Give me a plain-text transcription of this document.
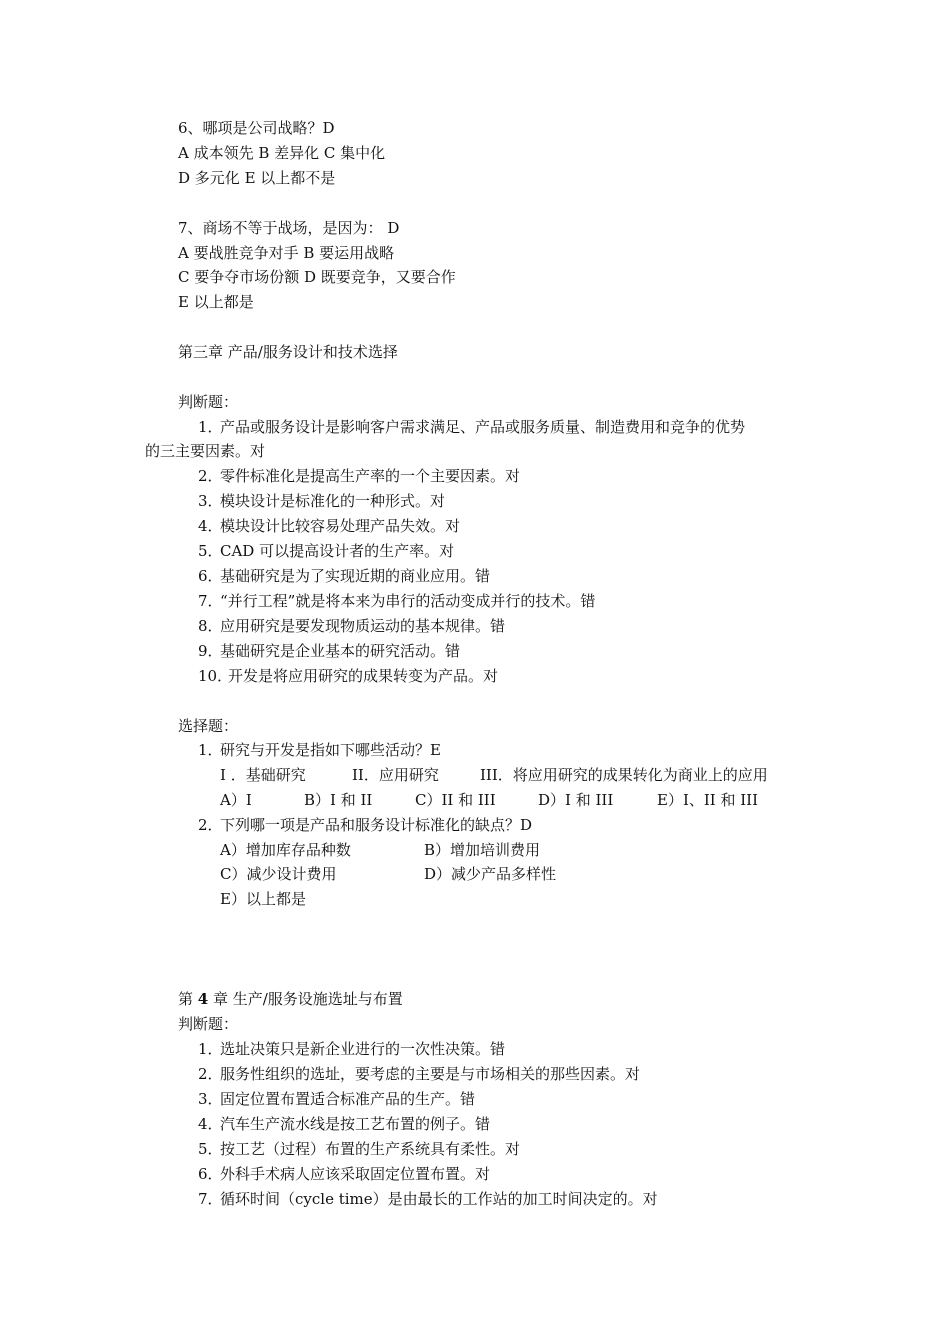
6、哪项是公司战略？D
A 成本领先 B 差异化 C 集中化
D 多元化 E 以上都不是
7、商场不等于战场，是因为： D
A 要战胜竞争对手 B 要运用战略
C 要争夺市场份额 D 既要竞争，又要合作
E 以上都是
第三章 产品/服务设计和技术选择
判断题：
1．产品或服务设计是影响客户需求满足、产品或服务质量、制造费用和竞争的优势
的三主要因素。对
2．零件标准化是提高生产率的一个主要因素。对
3．模块设计是标准化的一种形式。对
4．模块设计比较容易处理产品失效。对
5．CAD 可以提高设计者的生产率。对
6．基础研究是为了实现近期的商业应用。错
7．“并行工程”就是将本来为串行的活动变成并行的技术。错
8．应用研究是要发现物质运动的基本规律。错
9．基础研究是企业基本的研究活动。错
10．开发是将应用研究的成果转变为产品。对
选择题：
1．研究与开发是指如下哪些活动？E
I ．基础研究	II．应用研究	III．将应用研究的成果转化为商业上的应用
A）I	B）I 和 II	C）II 和 III	D）I 和 III	E）I、II 和 III
2．下列哪一项是产品和服务设计标准化的缺点？D
A）增加库存品种数	B）增加培训费用
C）减少设计费用	D）减少产品多样性
E）以上都是
第 4 章 生产/服务设施选址与布置
判断题：
1．选址决策只是新企业进行的一次性决策。错
2．服务性组织的选址，要考虑的主要是与市场相关的那些因素。对
3．固定位置布置适合标准产品的生产。错
4．汽车生产流水线是按工艺布置的例子。错
5．按工艺（过程）布置的生产系统具有柔性。对
6．外科手术病人应该采取固定位置布置。对
7．循环时间（cycle time）是由最长的工作站的加工时间决定的。对
